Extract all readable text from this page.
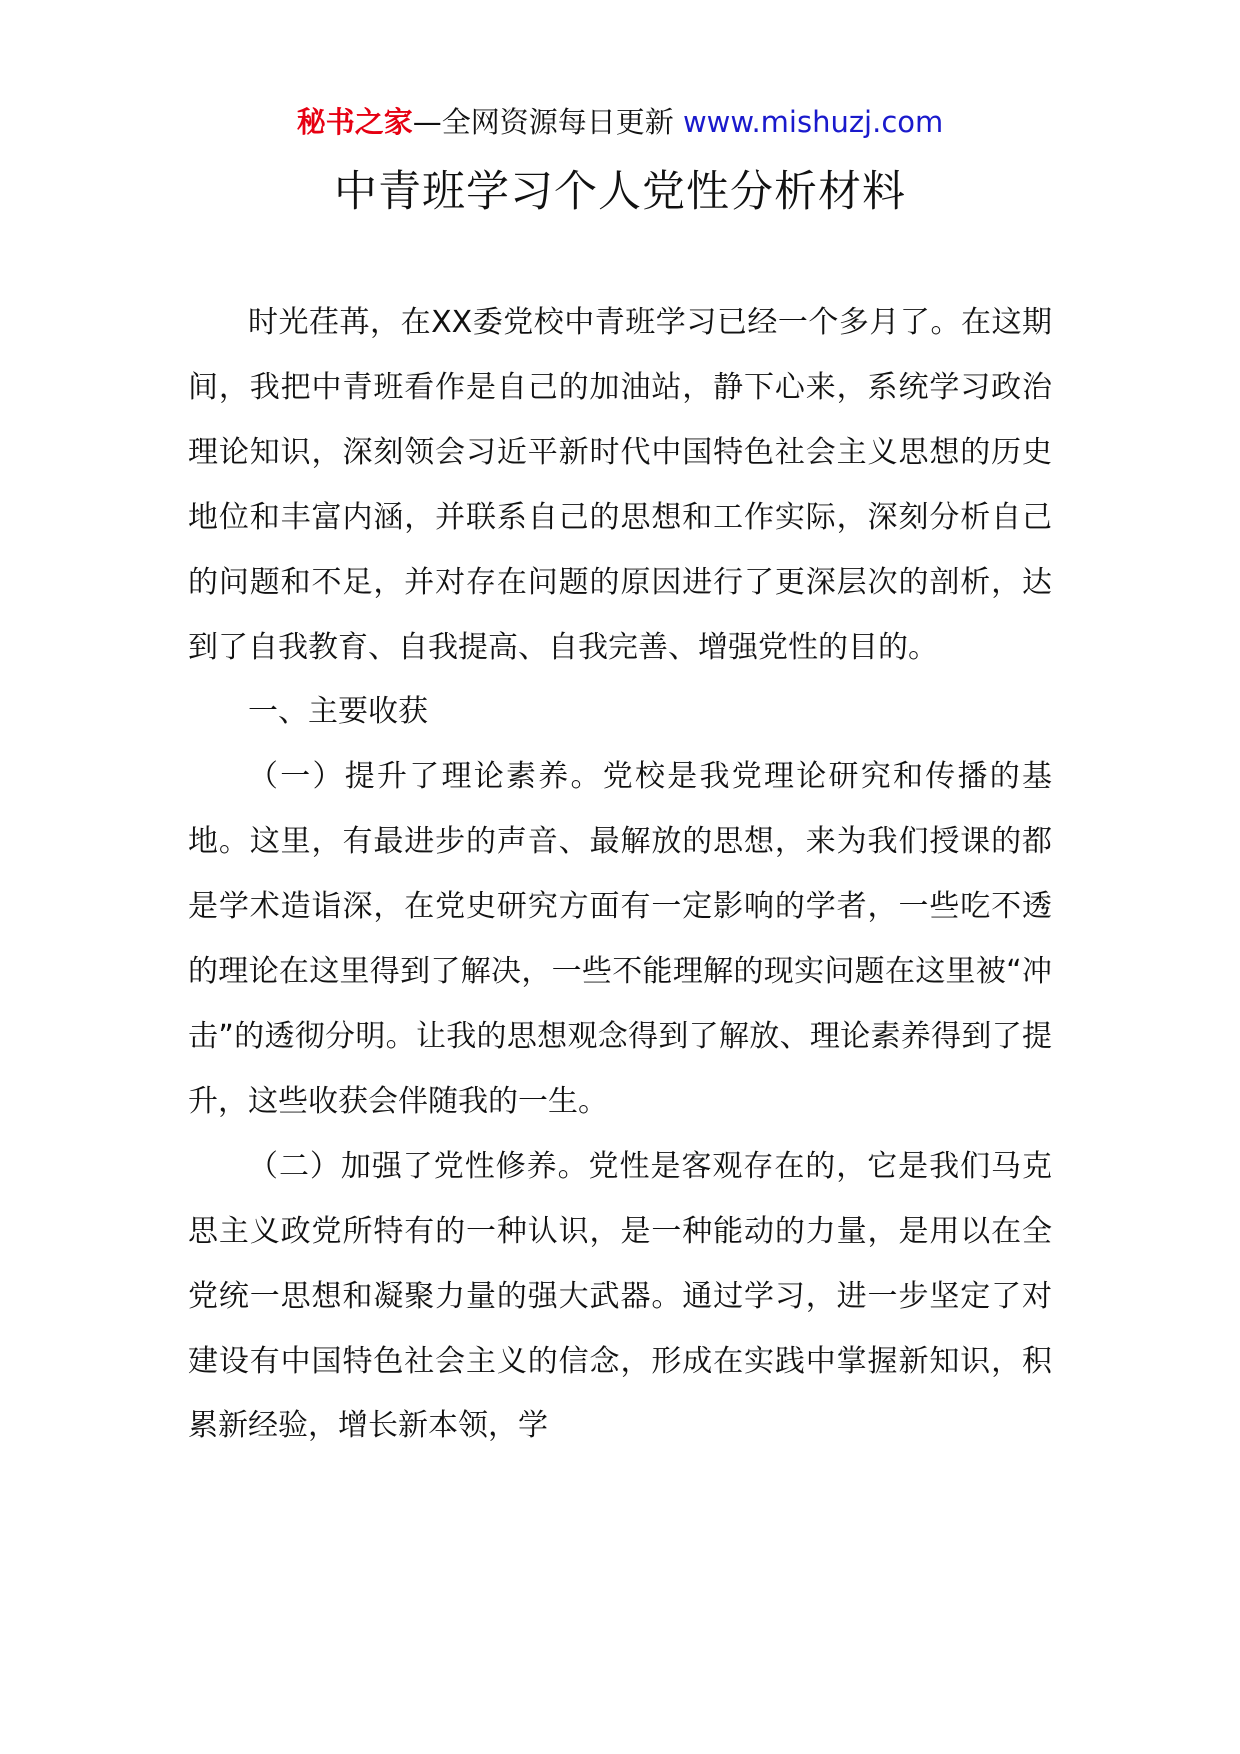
秘书之家—全网资源每日更新 www.mishuzj.com
中青班学习个人党性分析材料

时光荏苒，在XX委党校中青班学习已经一个多月了。在这期间，我把中青班看作是自己的加油站，静下心来，系统学习政治理论知识，深刻领会习近平新时代中国特色社会主义思想的历史地位和丰富内涵，并联系自己的思想和工作实际，深刻分析自己的问题和不足，并对存在问题的原因进行了更深层次的剖析，达到了自我教育、自我提高、自我完善、增强党性的目的。

一、主要收获

（一）提升了理论素养。党校是我党理论研究和传播的基地。这里，有最进步的声音、最解放的思想，来为我们授课的都是学术造诣深，在党史研究方面有一定影响的学者，一些吃不透的理论在这里得到了解决，一些不能理解的现实问题在这里被“冲击”的透彻分明。让我的思想观念得到了解放、理论素养得到了提升，这些收获会伴随我的一生。

（二）加强了党性修养。党性是客观存在的，它是我们马克思主义政党所特有的一种认识，是一种能动的力量，是用以在全党统一思想和凝聚力量的强大武器。通过学习，进一步坚定了对建设有中国特色社会主义的信念，形成在实践中掌握新知识，积累新经验，增长新本领，学
